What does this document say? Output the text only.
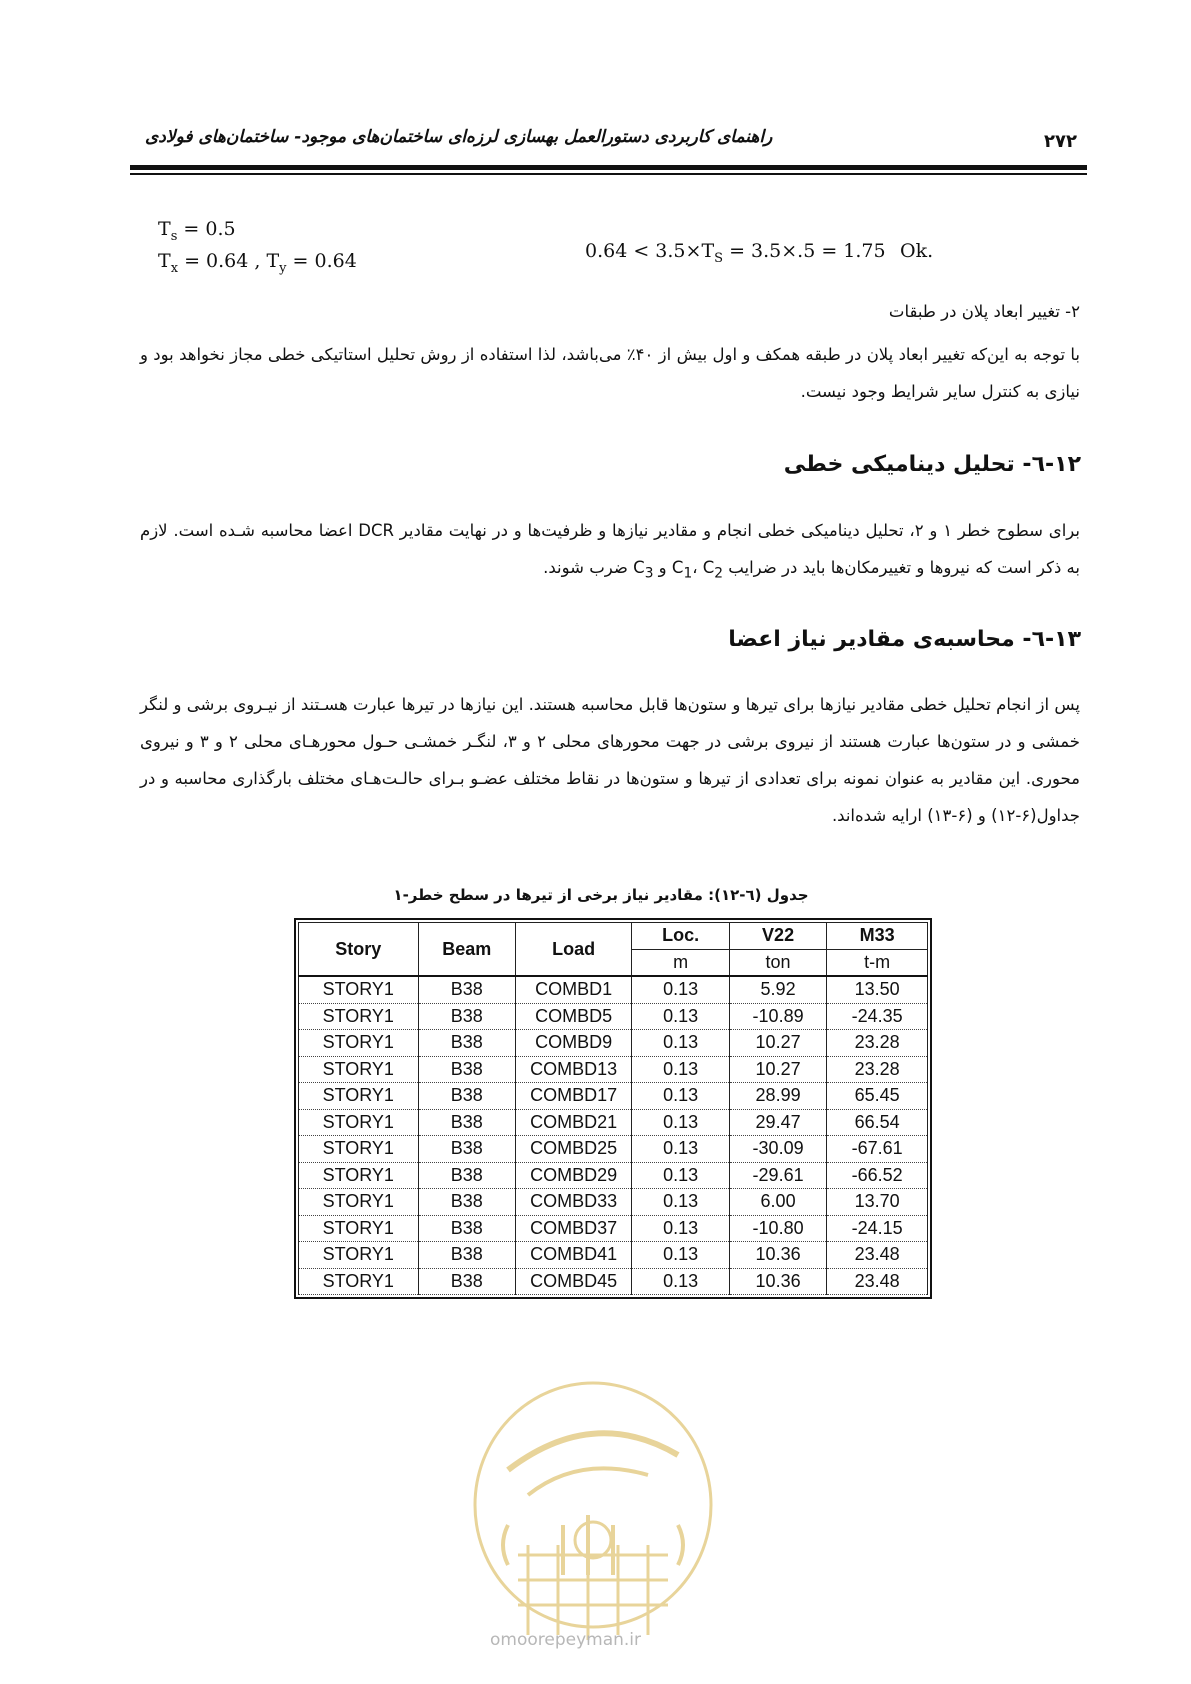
راهنمای کاربردی دستورالعمل بهسازی لرزه‌ای ساختمان‌های موجود- ساختمان‌های فولادی	۲۷۲
$T_s = 0.5$
$T_x = 0.64$ , $T_y = 0.64$	$0.64 < 3.5\times T_S = 3.5\times.5 = 1.75$ Ok.
۲- تغییر ابعاد پلان در طبقات
با توجه به این‌که تغییر ابعاد پلان در طبقه همکف و اول بیش از ۴۰٪ می‌باشد، لذا استفاده از روش تحلیل استاتیکی خطی مجاز نخواهد بود و نیازی به کنترل سایر شرایط وجود نیست.
۱۲-٦- تحلیل دینامیکی خطی
برای سطوح خطر ۱ و ۲، تحلیل دینامیکی خطی انجام و مقادیر نیازها و ظرفیت‌ها و در نهایت مقادیر DCR اعضا محاسبه شـده است. لازم به ذکر است که نیروها و تغییرمکان‌ها باید در ضرایب $C_1،$ $C_2$ و $C_3$ ضرب شوند.
۱۳-٦- محاسبه‌ی مقادیر نیاز اعضا
پس از انجام تحلیل خطی مقادیر نیازها برای تیرها و ستون‌ها قابل محاسبه هستند. این نیازها در تیرها عبارت هسـتند از نیـروی برشی و لنگر خمشی و در ستون‌ها عبارت هستند از نیروی برشی در جهت محورهای محلی ۲ و ۳، لنگـر خمشـی حـول محورهـای محلی ۲ و ۳ و نیروی محوری. این مقادیر به عنوان نمونه برای تعدادی از تیرها و ستون‌ها در نقاط مختلف عضـو بـرای حالـت‌هـای مختلف بارگذاری محاسبه و در جداول(۶-۱۲) و (۶-۱۳) ارایه شده‌اند.
جدول (٦-١٢): مقادیر نیاز برخی از تیرها در سطح خطر-۱
Story	Beam	Load	Loc.	V22	M33
			m	ton	t-m
STORY1	B38	COMBD1	0.13	5.92	13.50
STORY1	B38	COMBD5	0.13	-10.89	-24.35
STORY1	B38	COMBD9	0.13	10.27	23.28
STORY1	B38	COMBD13	0.13	10.27	23.28
STORY1	B38	COMBD17	0.13	28.99	65.45
STORY1	B38	COMBD21	0.13	29.47	66.54
STORY1	B38	COMBD25	0.13	-30.09	-67.61
STORY1	B38	COMBD29	0.13	-29.61	-66.52
STORY1	B38	COMBD33	0.13	6.00	13.70
STORY1	B38	COMBD37	0.13	-10.80	-24.15
STORY1	B38	COMBD41	0.13	10.36	23.48
STORY1	B38	COMBD45	0.13	10.36	23.48
omoorepeyman.ir
